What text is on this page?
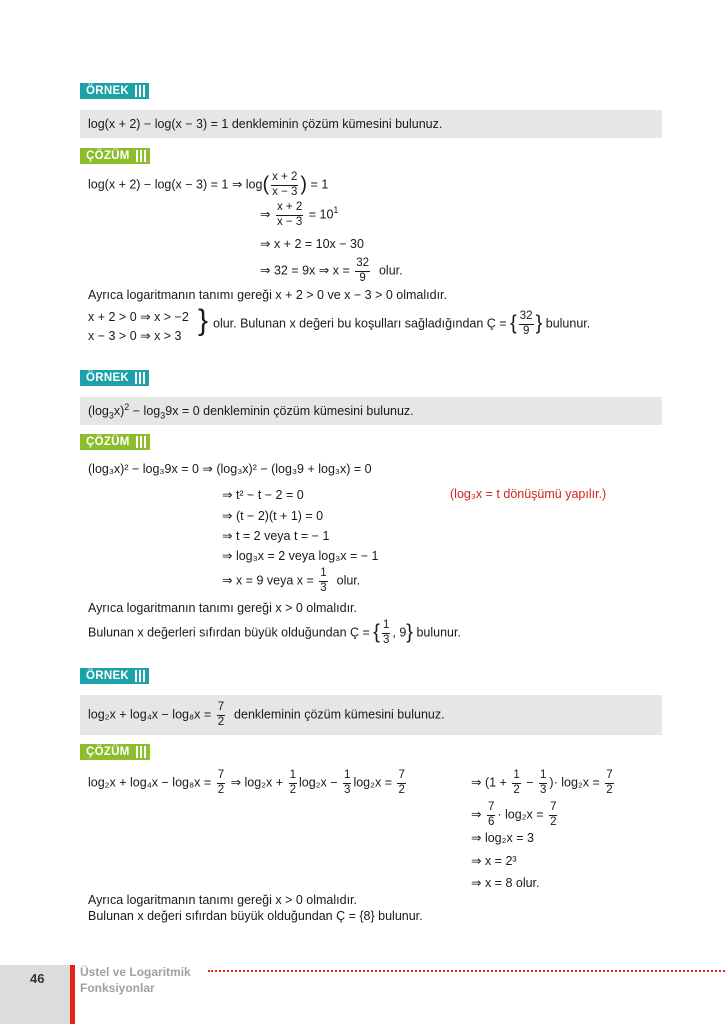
ÖRNEK
log(x + 2) − log(x − 3) = 1 denkleminin çözüm kümesini bulunuz.
ÇÖZÜM
log(x + 2) − log(x − 3) = 1 ⇒ $\log( \frac{x + 2}{x - 3}$ ) = 1
⇒ $\frac{x + 2}{x - 3} = 10^1$
⇒ x + 2 = 10x − 30
⇒ 32 = 9x ⇒ $x = \frac{32}{9}$ olur.
Ayrıca logaritmanın tanımı gereği x + 2 > 0 ve x − 3 > 0 olmalıdır.
x + 2 > 0 ⇒ x > −2
x − 3 > 0 ⇒ x > 3 } olur. Bulunan x değeri bu koşulları sağladığından Ç = { $\frac{32}{9}$ } bulunur.
ÖRNEK
$(\log_3x)^2 - \log_39x = 0$ denkleminin çözüm kümesini bulunuz.
ÇÖZÜM
(log₃x)² − log₃9x = 0 ⇒ (log₃x)² − (log₃9 + log₃x) = 0
⇒ t² − t − 2 = 0	(log₃x = t dönüşümü yapılır.)
⇒ (t − 2)(t + 1) = 0
⇒ t = 2 veya t = − 1
⇒ log₃x = 2 veya log₃x = − 1
⇒ x = 9 veya $x = \frac{1}{3}$ olur.
Ayrıca logaritmanın tanımı gereği x > 0 olmalıdır.
Bulunan x değerleri sıfırdan büyük olduğundan Ç = { $\frac{1}{3}$ , 9} bulunur.
ÖRNEK
$\log_2x + \log_4x - \log_8x = \frac{7}{2}$ denkleminin çözüm kümesini bulunuz.
ÇÖZÜM
$\log_2x + \log_4x - \log_8x = \frac{7}{2}$ ⇒ $\log_2x + \frac{1}{2} \log_2x - \frac{1}{3} \log_2x = \frac{7}{2}$	⇒ ($1 + \frac{1}{2} - \frac{1}{3}$ )· $\log_2x = \frac{7}{2}$
⇒ $\frac{7}{6} \cdot \log_2x = \frac{7}{2}$
⇒ log₂x = 3
⇒ x = 2³
⇒ x = 8 olur.
Ayrıca logaritmanın tanımı gereği x > 0 olmalıdır.
Bulunan x değeri sıfırdan büyük olduğundan Ç = {8} bulunur.
46	Üstel ve Logaritmik
Fonksiyonlar
